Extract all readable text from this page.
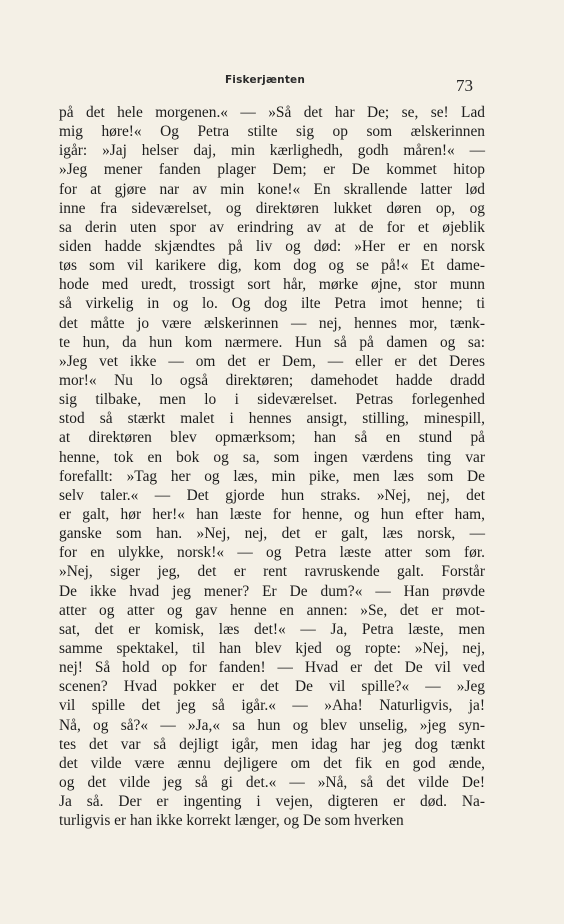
Fiskerjænten	73
på det hele morgenen.« — »Så det har De; se, se! Lad
mig høre!« Og Petra stilte sig op som ælskerinnen
igår: »Jaj helser daj, min kærlighedh, godh måren!« —
»Jeg mener fanden plager Dem; er De kommet hitop
for at gjøre nar av min kone!« En skrallende latter lød
inne fra sideværelset, og direktøren lukket døren op, og
sa derin uten spor av erindring av at de for et øjeblik
siden hadde skjændtes på liv og død: »Her er en norsk
tøs som vil karikere dig, kom dog og se på!« Et dame-
hode med uredt, trossigt sort hår, mørke øjne, stor munn
så virkelig in og lo. Og dog ilte Petra imot henne; ti
det måtte jo være ælskerinnen — nej, hennes mor, tænk-
te hun, da hun kom nærmere. Hun så på damen og sa:
»Jeg vet ikke — om det er Dem, — eller er det Deres
mor!« Nu lo også direktøren; damehodet hadde dradd
sig tilbake, men lo i sideværelset. Petras forlegenhed
stod så stærkt malet i hennes ansigt, stilling, minespill,
at direktøren blev opmærksom; han så en stund på
henne, tok en bok og sa, som ingen værdens ting var
forefallt: »Tag her og læs, min pike, men læs som De
selv taler.« — Det gjorde hun straks. »Nej, nej, det
er galt, hør her!« han læste for henne, og hun efter ham,
ganske som han. »Nej, nej, det er galt, læs norsk, —
for en ulykke, norsk!« — og Petra læste atter som før.
»Nej, siger jeg, det er rent ravruskende galt. Forstår
De ikke hvad jeg mener? Er De dum?« — Han prøvde
atter og atter og gav henne en annen: »Se, det er mot-
sat, det er komisk, læs det!« — Ja, Petra læste, men
samme spektakel, til han blev kjed og ropte: »Nej, nej,
nej! Så hold op for fanden! — Hvad er det De vil ved
scenen? Hvad pokker er det De vil spille?« — »Jeg
vil spille det jeg så igår.« — »Aha! Naturligvis, ja!
Nå, og så?« — »Ja,« sa hun og blev unselig, »jeg syn-
tes det var så dejligt igår, men idag har jeg dog tænkt
det vilde være ænnu dejligere om det fik en god ænde,
og det vilde jeg så gi det.« — »Nå, så det vilde De!
Ja så. Der er ingenting i vejen, digteren er død. Na-
turligvis er han ikke korrekt længer, og De som hverken
